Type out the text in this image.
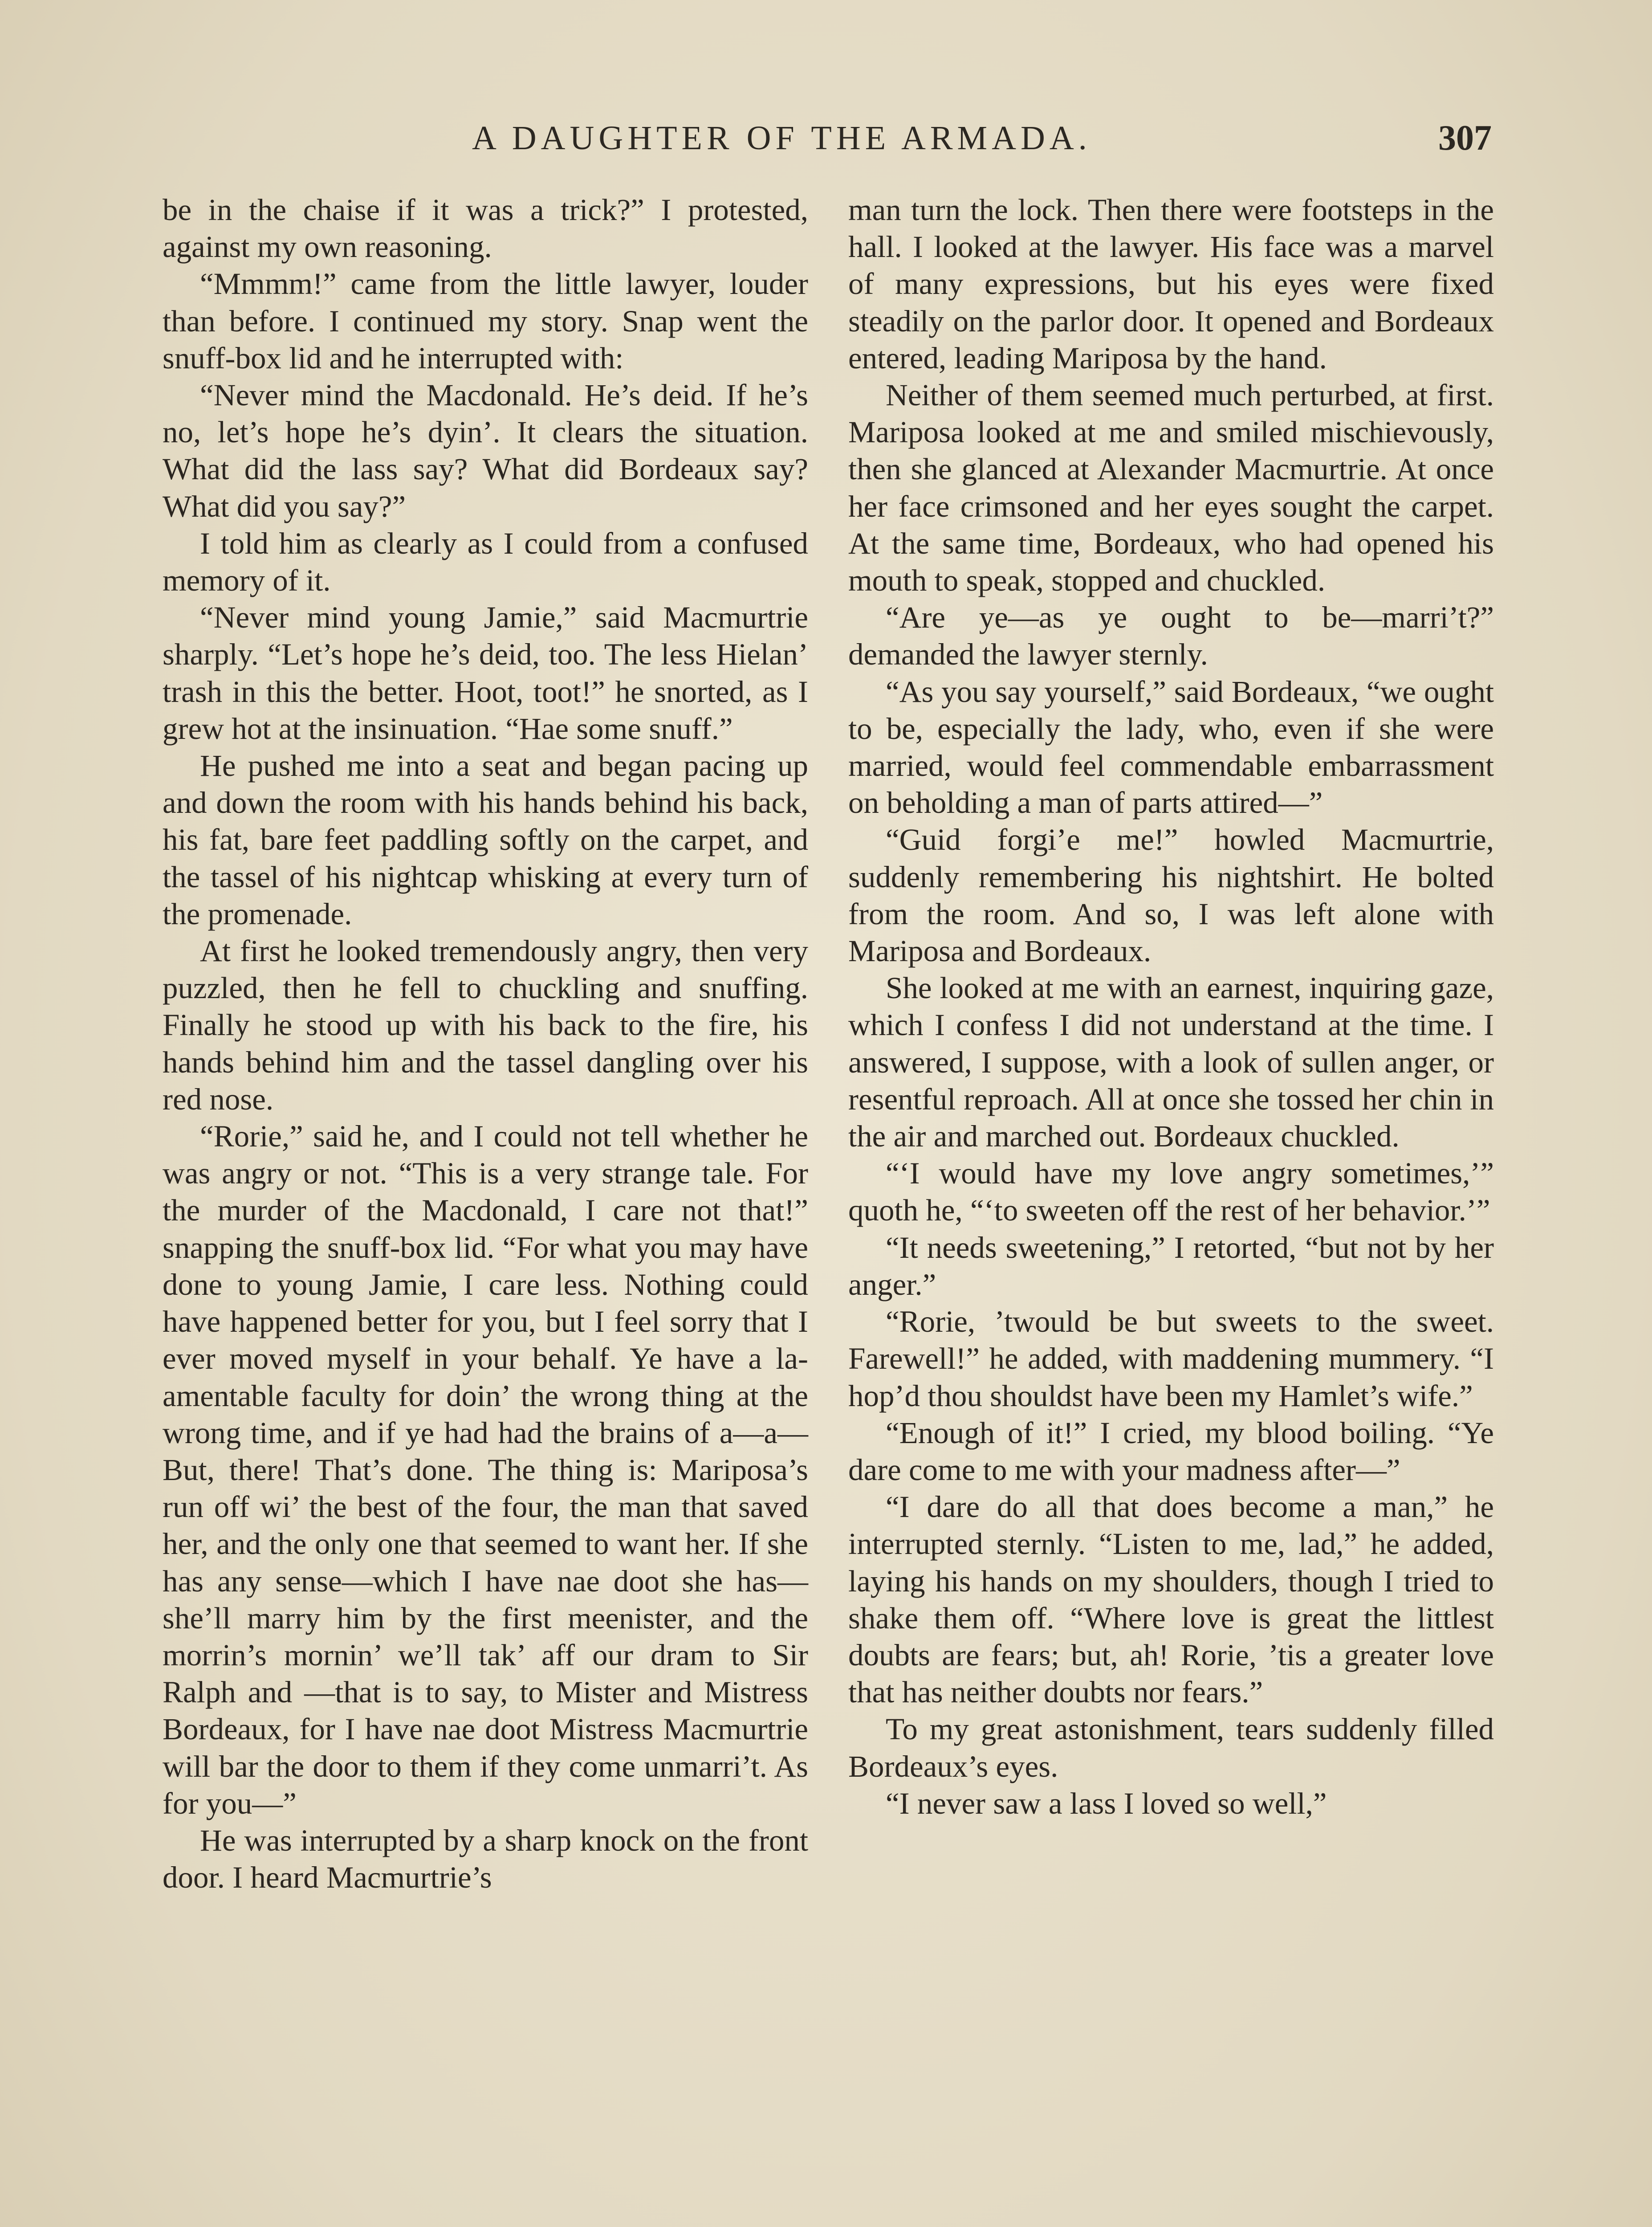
A DAUGHTER OF THE ARMADA.	307

be in the chaise if it was a trick?” I protested, against my own reasoning.

“Mmmm!” came from the little lawyer, louder than before. I continued my story. Snap went the snuff-box lid and he interrupted with:

“Never mind the Macdonald. He’s deid. If he’s no, let’s hope he’s dyin’. It clears the situation. What did the lass say? What did Bordeaux say? What did you say?”

I told him as clearly as I could from a confused memory of it.

“Never mind young Jamie,” said Macmurtrie sharply. “Let’s hope he’s deid, too. The less Hielan’ trash in this the better. Hoot, toot!” he snorted, as I grew hot at the insinuation. “Hae some snuff.”

He pushed me into a seat and began pacing up and down the room with his hands behind his back, his fat, bare feet paddling softly on the carpet, and the tassel of his nightcap whisking at every turn of the promenade.

At first he looked tremendously angry, then very puzzled, then he fell to chuckling and snuffing. Finally he stood up with his back to the fire, his hands behind him and the tassel dangling over his red nose.

“Rorie,” said he, and I could not tell whether he was angry or not. “This is a very strange tale. For the murder of the Macdonald, I care not that!” snapping the snuff-box lid. “For what you may have done to young Jamie, I care less. Nothing could have happened better for you, but I feel sorry that I ever moved myself in your behalf. Ye have a la-amentable faculty for doin’ the wrong thing at the wrong time, and if ye had had the brains of a—a— But, there! That’s done. The thing is: Mariposa’s run off wi’ the best of the four, the man that saved her, and the only one that seemed to want her. If she has any sense—which I have nae doot she has—she’ll marry him by the first meenister, and the morrin’s mornin’ we’ll tak’ aff our dram to Sir Ralph and —that is to say, to Mister and Mistress Bordeaux, for I have nae doot Mistress Macmurtrie will bar the door to them if they come unmarri’t. As for you—”

He was interrupted by a sharp knock on the front door. I heard Macmurtrie’s

man turn the lock. Then there were footsteps in the hall. I looked at the lawyer. His face was a marvel of many expressions, but his eyes were fixed steadily on the parlor door. It opened and Bordeaux entered, leading Mariposa by the hand.

Neither of them seemed much perturbed, at first. Mariposa looked at me and smiled mischievously, then she glanced at Alexander Macmurtrie. At once her face crimsoned and her eyes sought the carpet. At the same time, Bordeaux, who had opened his mouth to speak, stopped and chuckled.

“Are ye—as ye ought to be—marri’t?” demanded the lawyer sternly.

“As you say yourself,” said Bordeaux, “we ought to be, especially the lady, who, even if she were married, would feel commendable embarrassment on beholding a man of parts attired—”

“Guid forgi’e me!” howled Macmurtrie, suddenly remembering his nightshirt. He bolted from the room. And so, I was left alone with Mariposa and Bordeaux.

She looked at me with an earnest, inquiring gaze, which I confess I did not understand at the time. I answered, I suppose, with a look of sullen anger, or resentful reproach. All at once she tossed her chin in the air and marched out. Bordeaux chuckled.

“‘I would have my love angry sometimes,’” quoth he, “‘to sweeten off the rest of her behavior.’”

“It needs sweetening,” I retorted, “but not by her anger.”

“Rorie, ’twould be but sweets to the sweet. Farewell!” he added, with maddening mummery. “I hop’d thou shouldst have been my Hamlet’s wife.”

“Enough of it!” I cried, my blood boiling. “Ye dare come to me with your madness after—”

“I dare do all that does become a man,” he interrupted sternly. “Listen to me, lad,” he added, laying his hands on my shoulders, though I tried to shake them off. “Where love is great the littlest doubts are fears; but, ah! Rorie, ’tis a greater love that has neither doubts nor fears.”

To my great astonishment, tears suddenly filled Bordeaux’s eyes.

“I never saw a lass I loved so well,”
